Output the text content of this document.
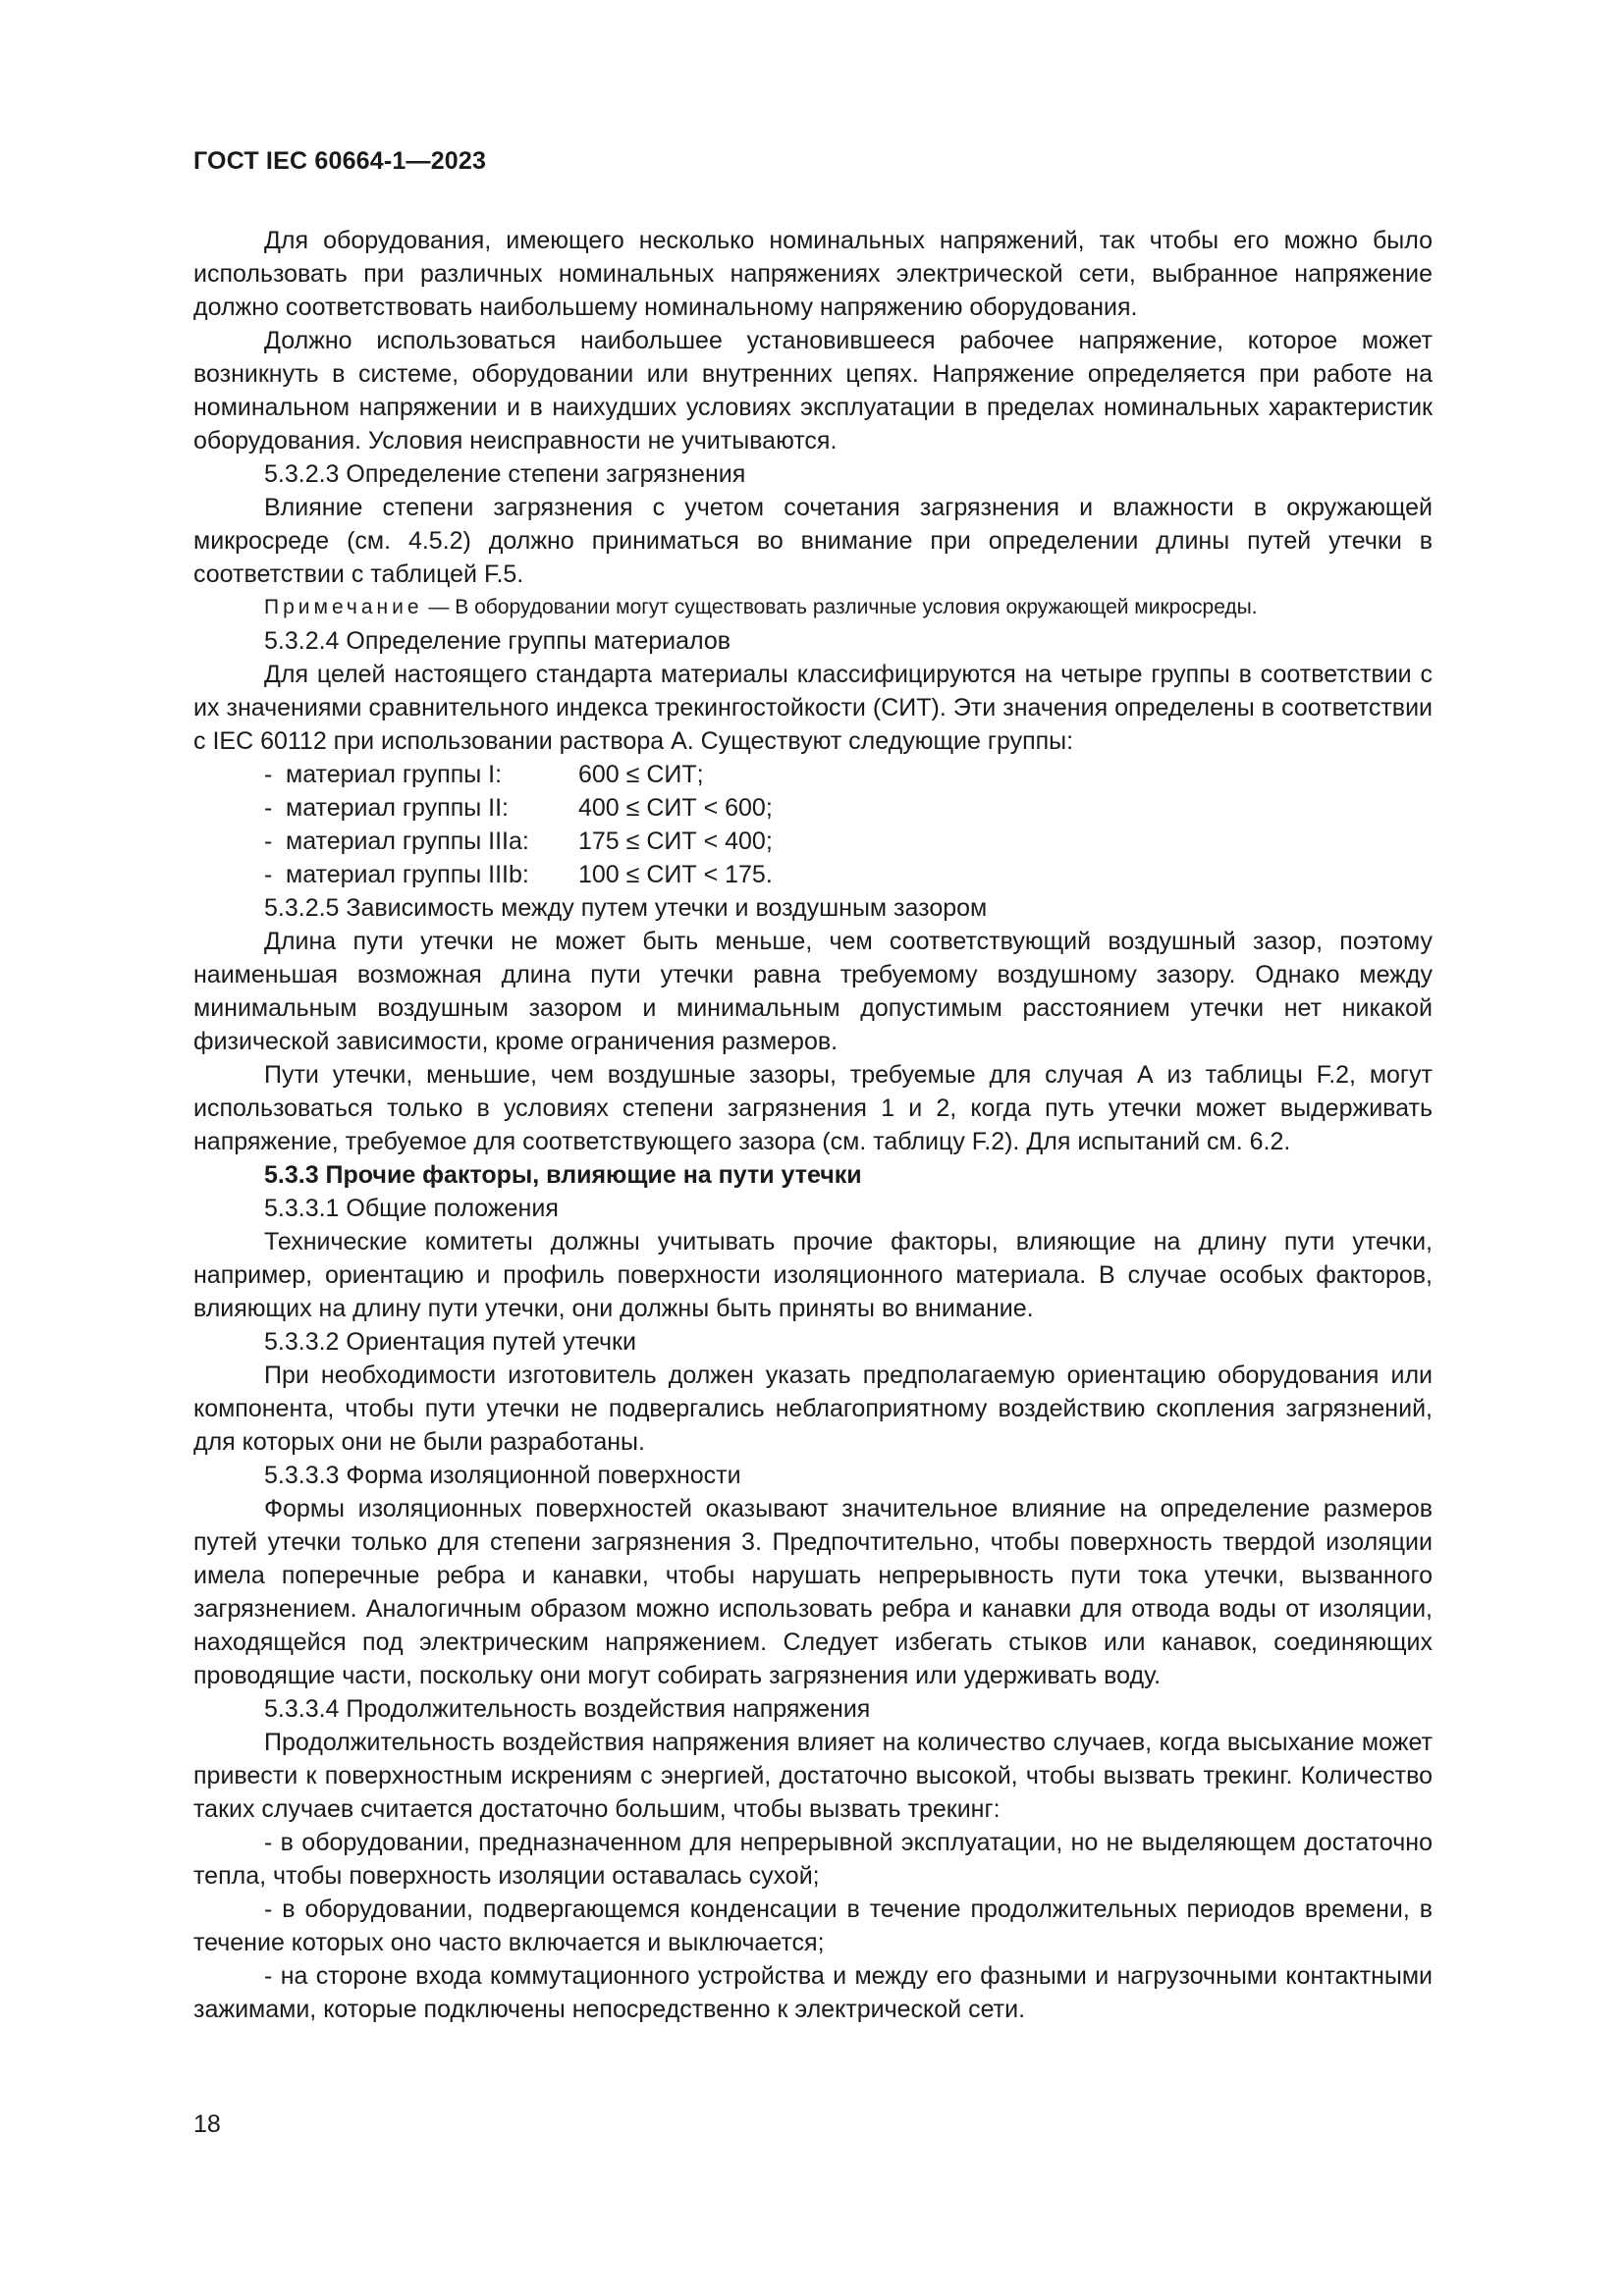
ГОСТ IEC 60664-1—2023

Для оборудования, имеющего несколько номинальных напряжений, так чтобы его можно было использовать при различных номинальных напряжениях электрической сети, выбранное напряжение должно соответствовать наибольшему номинальному напряжению оборудования.

Должно использоваться наибольшее установившееся рабочее напряжение, которое может возникнуть в системе, оборудовании или внутренних цепях. Напряжение определяется при работе на номинальном напряжении и в наихудших условиях эксплуатации в пределах номинальных характеристик оборудования. Условия неисправности не учитываются.

5.3.2.3 Определение степени загрязнения

Влияние степени загрязнения с учетом сочетания загрязнения и влажности в окружающей микросреде (см. 4.5.2) должно приниматься во внимание при определении длины путей утечки в соответствии с таблицей F.5.

Примечание — В оборудовании могут существовать различные условия окружающей микросреды.

5.3.2.4 Определение группы материалов

Для целей настоящего стандарта материалы классифицируются на четыре группы в соответствии с их значениями сравнительного индекса трекингостойкости (СИТ). Эти значения определены в соответствии с IEC 60112 при использовании раствора А. Существуют следующие группы:

- материал группы I:	600 ≤ СИТ;
- материал группы II:	400 ≤ СИТ < 600;
- материал группы IIIa:	175 ≤ СИТ < 400;
- материал группы IIIb:	100 ≤ СИТ < 175.

5.3.2.5 Зависимость между путем утечки и воздушным зазором

Длина пути утечки не может быть меньше, чем соответствующий воздушный зазор, поэтому наименьшая возможная длина пути утечки равна требуемому воздушному зазору. Однако между минимальным воздушным зазором и минимальным допустимым расстоянием утечки нет никакой физической зависимости, кроме ограничения размеров.

Пути утечки, меньшие, чем воздушные зазоры, требуемые для случая А из таблицы F.2, могут использоваться только в условиях степени загрязнения 1 и 2, когда путь утечки может выдерживать напряжение, требуемое для соответствующего зазора (см. таблицу F.2). Для испытаний см. 6.2.

5.3.3 Прочие факторы, влияющие на пути утечки

5.3.3.1 Общие положения

Технические комитеты должны учитывать прочие факторы, влияющие на длину пути утечки, например, ориентацию и профиль поверхности изоляционного материала. В случае особых факторов, влияющих на длину пути утечки, они должны быть приняты во внимание.

5.3.3.2 Ориентация путей утечки

При необходимости изготовитель должен указать предполагаемую ориентацию оборудования или компонента, чтобы пути утечки не подвергались неблагоприятному воздействию скопления загрязнений, для которых они не были разработаны.

5.3.3.3 Форма изоляционной поверхности

Формы изоляционных поверхностей оказывают значительное влияние на определение размеров путей утечки только для степени загрязнения 3. Предпочтительно, чтобы поверхность твердой изоляции имела поперечные ребра и канавки, чтобы нарушать непрерывность пути тока утечки, вызванного загрязнением. Аналогичным образом можно использовать ребра и канавки для отвода воды от изоляции, находящейся под электрическим напряжением. Следует избегать стыков или канавок, соединяющих проводящие части, поскольку они могут собирать загрязнения или удерживать воду.

5.3.3.4 Продолжительность воздействия напряжения

Продолжительность воздействия напряжения влияет на количество случаев, когда высыхание может привести к поверхностным искрениям с энергией, достаточно высокой, чтобы вызвать трекинг. Количество таких случаев считается достаточно большим, чтобы вызвать трекинг:

- в оборудовании, предназначенном для непрерывной эксплуатации, но не выделяющем достаточно тепла, чтобы поверхность изоляции оставалась сухой;

- в оборудовании, подвергающемся конденсации в течение продолжительных периодов времени, в течение которых оно часто включается и выключается;

- на стороне входа коммутационного устройства и между его фазными и нагрузочными контактными зажимами, которые подключены непосредственно к электрической сети.

18
